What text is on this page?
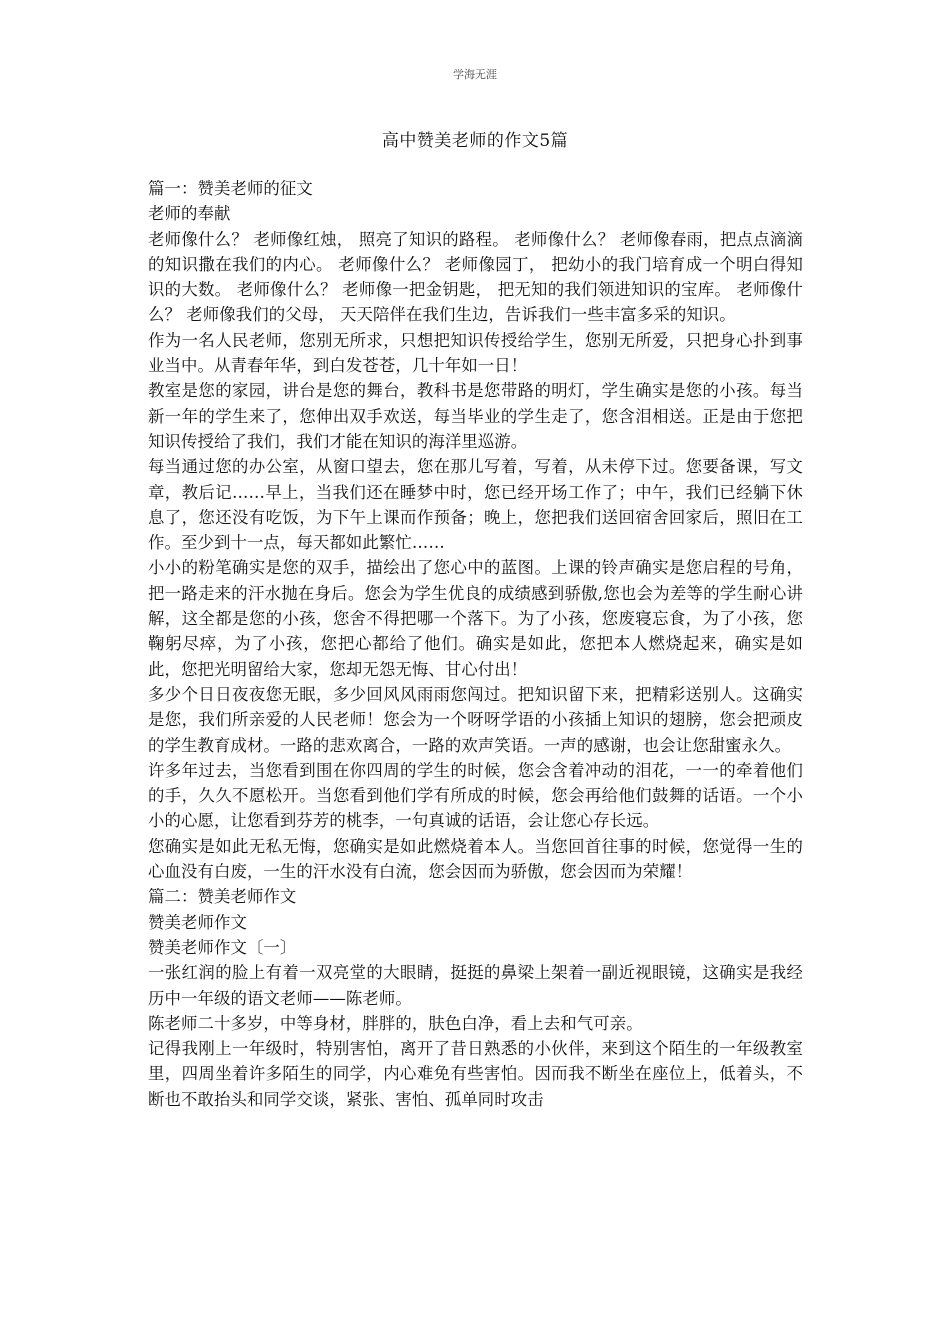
学海无涯
高中赞美老师的作文5篇

篇一：赞美老师的征文

老师的奉献

老师像什么？ 老师像红烛， 照亮了知识的路程。 老师像什么？ 老师像春雨，把点点滴滴的知识撒在我们的内心。 老师像什么？ 老师像园丁， 把幼小的我门培育成一个明白得知识的大数。 老师像什么？ 老师像一把金钥匙， 把无知的我们领进知识的宝库。 老师像什么？ 老师像我们的父母， 天天陪伴在我们生边，告诉我们一些丰富多采的知识。

作为一名人民老师，您别无所求，只想把知识传授给学生，您别无所爱，只把身心扑到事业当中。从青春年华，到白发苍苍，几十年如一日！

教室是您的家园，讲台是您的舞台，教科书是您带路的明灯，学生确实是您的小孩。每当新一年的学生来了，您伸出双手欢送，每当毕业的学生走了，您含泪相送。正是由于您把知识传授给了我们，我们才能在知识的海洋里巡游。

每当通过您的办公室，从窗口望去，您在那儿写着，写着，从未停下过。您要备课，写文章，教后记……早上，当我们还在睡梦中时，您已经开场工作了；中午，我们已经躺下休息了，您还没有吃饭，为下午上课而作预备；晚上，您把我们送回宿舍回家后，照旧在工作。至少到十一点，每天都如此繁忙……

小小的粉笔确实是您的双手，描绘出了您心中的蓝图。上课的铃声确实是您启程的号角，把一路走来的汗水抛在身后。您会为学生优良的成绩感到骄傲,您也会为差等的学生耐心讲解，这全都是您的小孩，您舍不得把哪一个落下。为了小孩，您废寝忘食，为了小孩，您鞠躬尽瘁，为了小孩，您把心都给了他们。确实是如此，您把本人燃烧起来，确实是如此，您把光明留给大家，您却无怨无悔、甘心付出！

多少个日日夜夜您无眠，多少回风风雨雨您闯过。把知识留下来，把精彩送别人。这确实是您，我们所亲爱的人民老师！您会为一个呀呀学语的小孩插上知识的翅膀，您会把顽皮的学生教育成材。一路的悲欢离合，一路的欢声笑语。一声的感谢，也会让您甜蜜永久。

许多年过去，当您看到围在你四周的学生的时候，您会含着冲动的泪花，一一的牵着他们的手，久久不愿松开。当您看到他们学有所成的时候，您会再给他们鼓舞的话语。一个小小的心愿，让您看到芬芳的桃李，一句真诚的话语，会让您心存长远。

您确实是如此无私无悔，您确实是如此燃烧着本人。当您回首往事的时候，您觉得一生的心血没有白废，一生的汗水没有白流，您会因而为骄傲，您会因而为荣耀！

篇二：赞美老师作文

赞美老师作文

赞美老师作文〔一〕

一张红润的脸上有着一双亮堂的大眼睛，挺挺的鼻梁上架着一副近视眼镜，这确实是我经历中一年级的语文老师——陈老师。

陈老师二十多岁，中等身材，胖胖的，肤色白净，看上去和气可亲。

记得我刚上一年级时，特别害怕，离开了昔日熟悉的小伙伴，来到这个陌生的一年级教室里，四周坐着许多陌生的同学，内心难免有些害怕。因而我不断坐在座位上，低着头，不断也不敢抬头和同学交谈，紧张、害怕、孤单同时攻击
